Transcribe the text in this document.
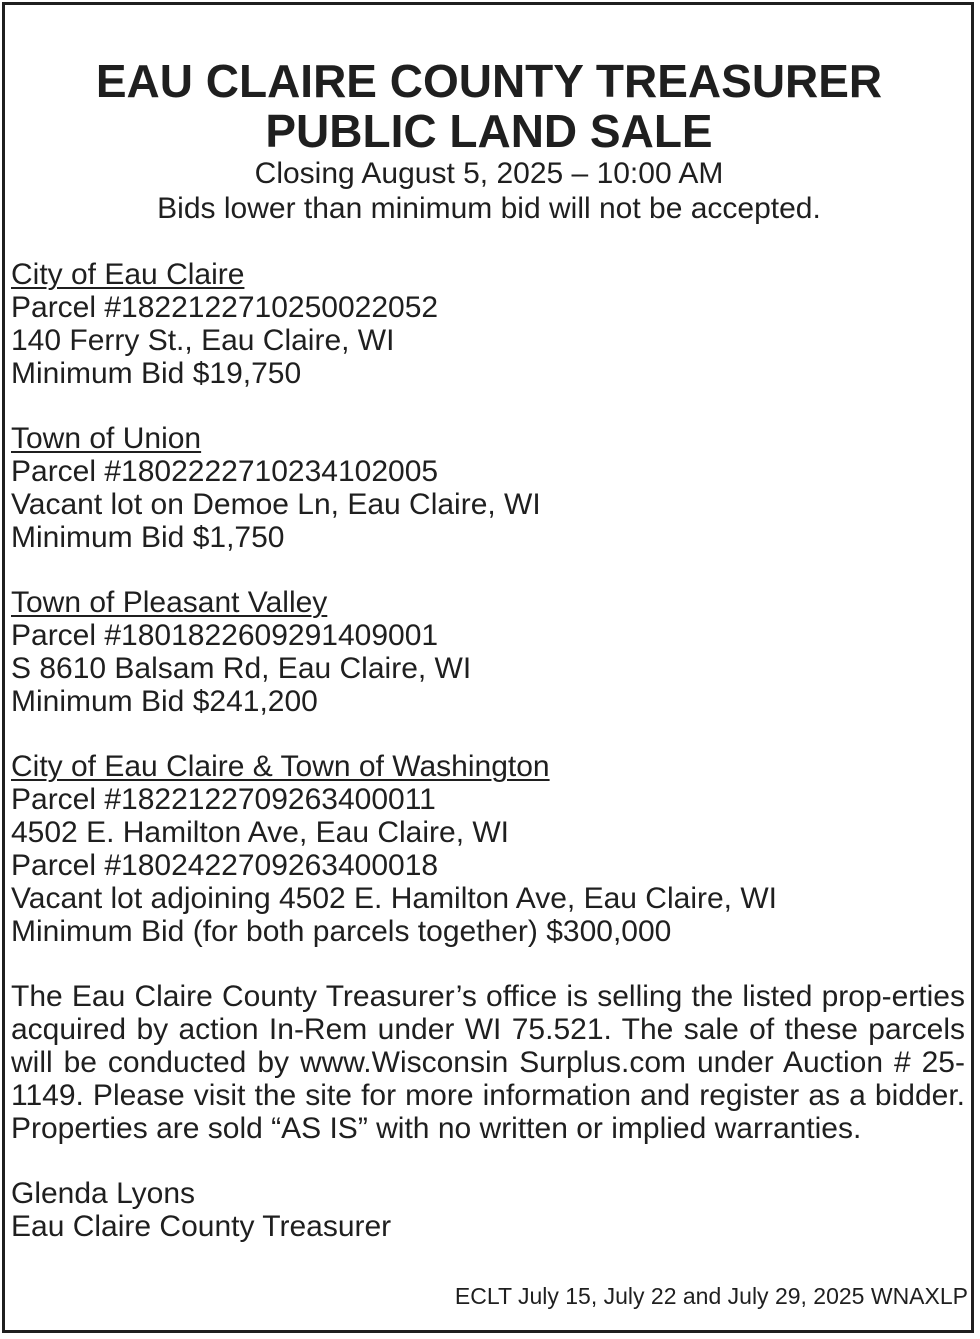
EAU CLAIRE COUNTY TREASURER
PUBLIC LAND SALE
Closing August 5, 2025 – 10:00 AM
Bids lower than minimum bid will not be accepted.
City of Eau Claire
Parcel #1822122710250022052
140 Ferry St., Eau Claire, WI
Minimum Bid $19,750
Town of Union
Parcel #1802222710234102005
Vacant lot on Demoe Ln, Eau Claire, WI
Minimum Bid $1,750
Town of Pleasant Valley
Parcel #1801822609291409001
S 8610 Balsam Rd, Eau Claire, WI
Minimum Bid $241,200
City of Eau Claire & Town of Washington
Parcel #1822122709263400011
4502 E. Hamilton Ave, Eau Claire, WI
Parcel #1802422709263400018
Vacant lot adjoining 4502 E. Hamilton Ave, Eau Claire, WI
Minimum Bid (for both parcels together) $300,000
The Eau Claire County Treasurer’s office is selling the listed prop-erties acquired by action In-Rem under WI 75.521. The sale of these parcels will be conducted by www.Wisconsin Surplus.com under Auction # 25-1149. Please visit the site for more information and register as a bidder. Properties are sold “AS IS” with no written or implied warranties.
Glenda Lyons
Eau Claire County Treasurer
ECLT July 15, July 22 and July 29, 2025 WNAXLP
